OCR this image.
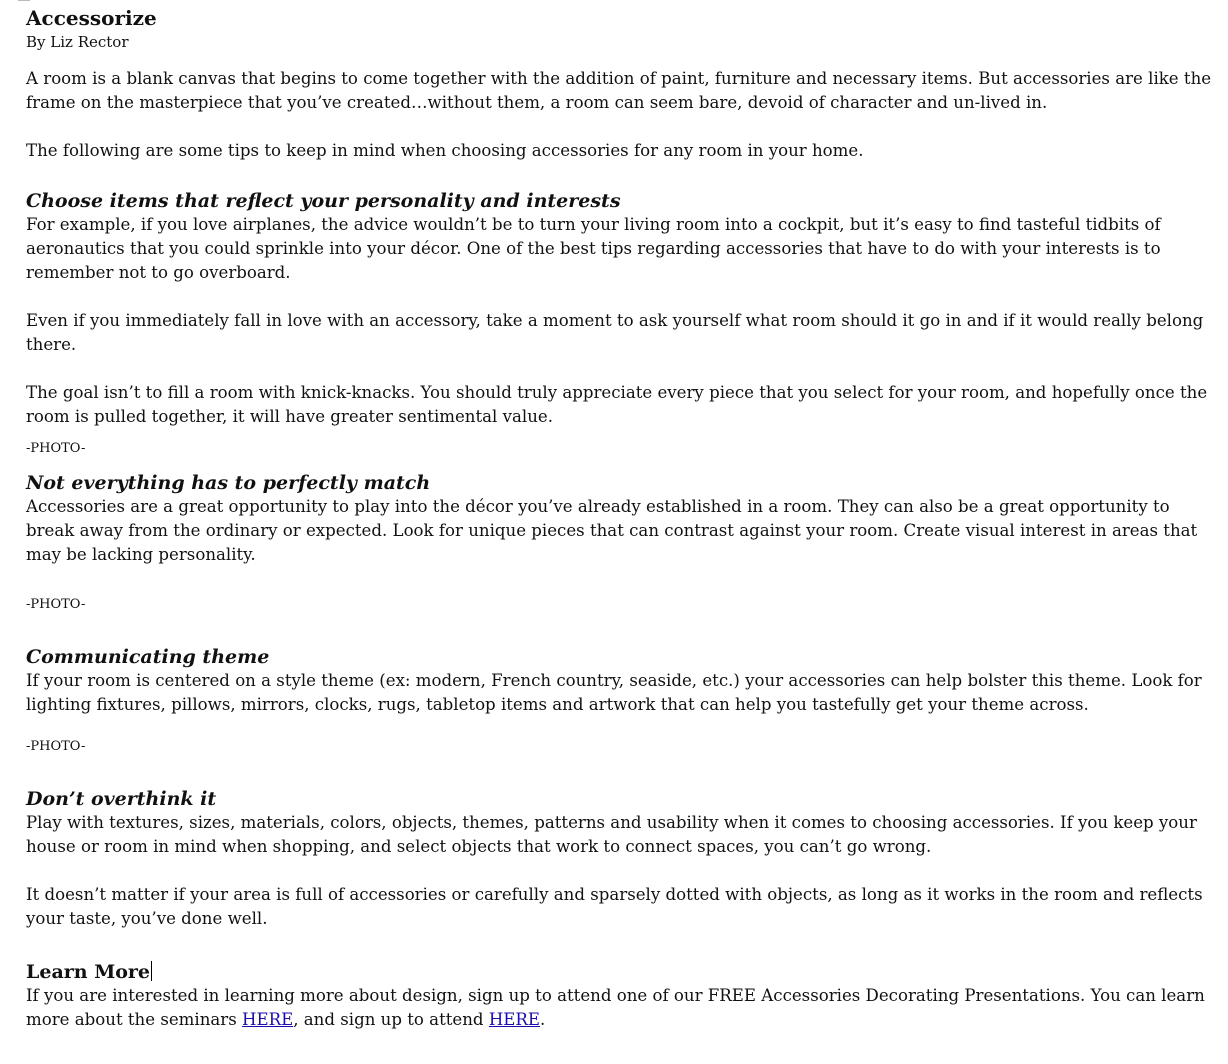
Accessorize
By Liz Rector

A room is a blank canvas that begins to come together with the addition of paint, furniture and necessary items. But accessories are like the frame on the masterpiece that you’ve created…without them, a room can seem bare, devoid of character and un-lived in.

The following are some tips to keep in mind when choosing accessories for any room in your home.

Choose items that reflect your personality and interests

For example, if you love airplanes, the advice wouldn’t be to turn your living room into a cockpit, but it’s easy to find tasteful tidbits of aeronautics that you could sprinkle into your décor. One of the best tips regarding accessories that have to do with your interests is to remember not to go overboard.

Even if you immediately fall in love with an accessory, take a moment to ask yourself what room should it go in and if it would really belong there.

The goal isn’t to fill a room with knick-knacks. You should truly appreciate every piece that you select for your room, and hopefully once the room is pulled together, it will have greater sentimental value.

-PHOTO-
Not everything has to perfectly match

Accessories are a great opportunity to play into the décor you’ve already established in a room. They can also be a great opportunity to break away from the ordinary or expected. Look for unique pieces that can contrast against your room. Create visual interest in areas that may be lacking personality.

-PHOTO-
Communicating theme

If your room is centered on a style theme (ex: modern, French country, seaside, etc.) your accessories can help bolster this theme. Look for lighting fixtures, pillows, mirrors, clocks, rugs, tabletop items and artwork that can help you tastefully get your theme across.

-PHOTO-
Don’t overthink it

Play with textures, sizes, materials, colors, objects, themes, patterns and usability when it comes to choosing accessories. If you keep your house or room in mind when shopping, and select objects that work to connect spaces, you can’t go wrong.

It doesn’t matter if your area is full of accessories or carefully and sparsely dotted with objects, as long as it works in the room and reflects your taste, you’ve done well.

Learn More

If you are interested in learning more about design, sign up to attend one of our FREE Accessories Decorating Presentations. You can learn more about the seminars HERE, and sign up to attend HERE.
